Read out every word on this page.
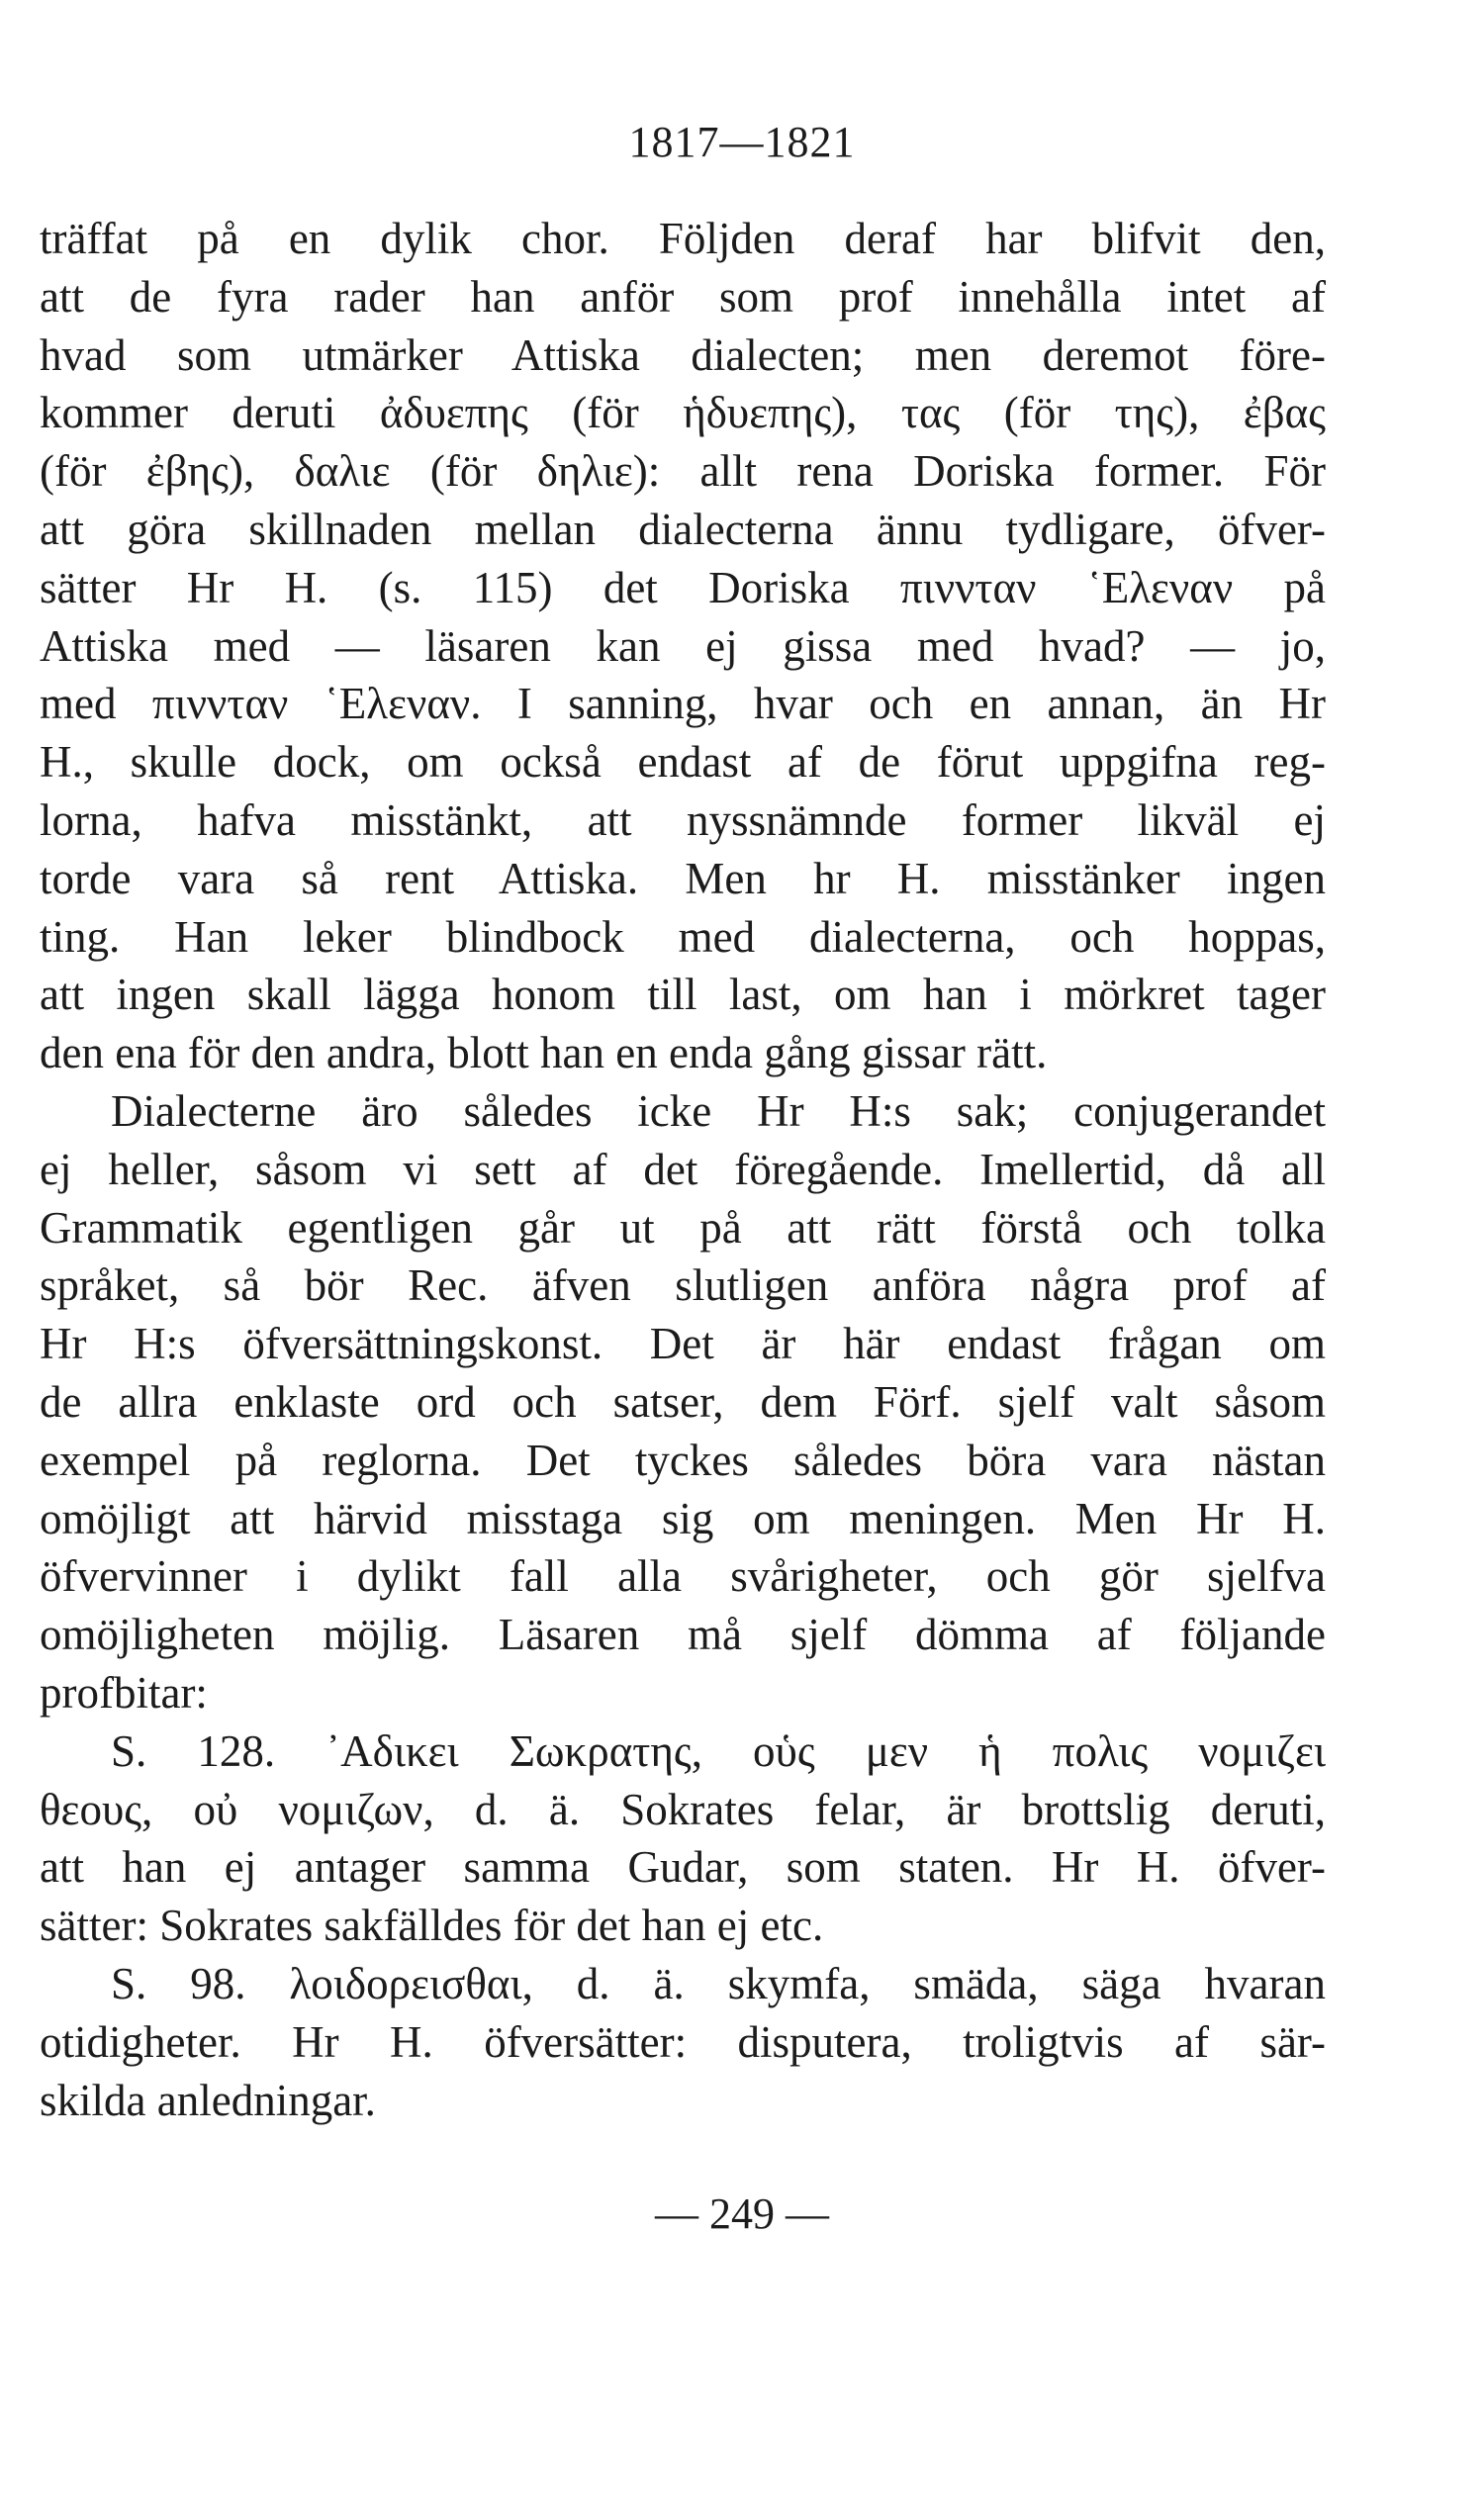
1817—1821
träffat på en dylik chor. Följden deraf har blifvit den,
att de fyra rader han anför som prof innehålla intet af
hvad som utmärker Attiska dialecten; men deremot före-
kommer deruti ἀδυεπης (för ἡδυεπης), τας (för της), ἐβας
(för ἐβης), δαλιε (för δηλιε): allt rena Doriska former. För
att göra skillnaden mellan dialecterna ännu tydligare, öfver-
sätter Hr H. (s. 115) det Doriska πιννταν ῾Ελεναν på
Attiska med — läsaren kan ej gissa med hvad? — jo,
med πιννταν ῾Ελεναν. I sanning, hvar och en annan, än Hr
H., skulle dock, om också endast af de förut uppgifna reg-
lorna, hafva misstänkt, att nyssnämnde former likväl ej
torde vara så rent Attiska. Men hr H. misstänker ingen
ting. Han leker blindbock med dialecterna, och hoppas,
att ingen skall lägga honom till last, om han i mörkret tager
den ena för den andra, blott han en enda gång gissar rätt.
Dialecterne äro således icke Hr H:s sak; conjugerandet
ej heller, såsom vi sett af det föregående. Imellertid, då all
Grammatik egentligen går ut på att rätt förstå och tolka
språket, så bör Rec. äfven slutligen anföra några prof af
Hr H:s öfversättningskonst. Det är här endast frågan om
de allra enklaste ord och satser, dem Förf. sjelf valt såsom
exempel på reglorna. Det tyckes således böra vara nästan
omöjligt att härvid misstaga sig om meningen. Men Hr H.
öfvervinner i dylikt fall alla svårigheter, och gör sjelfva
omöjligheten möjlig. Läsaren må sjelf dömma af följande
profbitar:
S. 128. ᾽Αδικει Σωκρατης, οὑς μεν ἡ πολις νομιζει
θεους, οὐ νομιζων, d. ä. Sokrates felar, är brottslig deruti,
att han ej antager samma Gudar, som staten. Hr H. öfver-
sätter: Sokrates sakfälldes för det han ej etc.
S. 98. λοιδορεισθαι, d. ä. skymfa, smäda, säga hvaran
otidigheter. Hr H. öfversätter: disputera, troligtvis af sär-
skilda anledningar.
— 249 —
